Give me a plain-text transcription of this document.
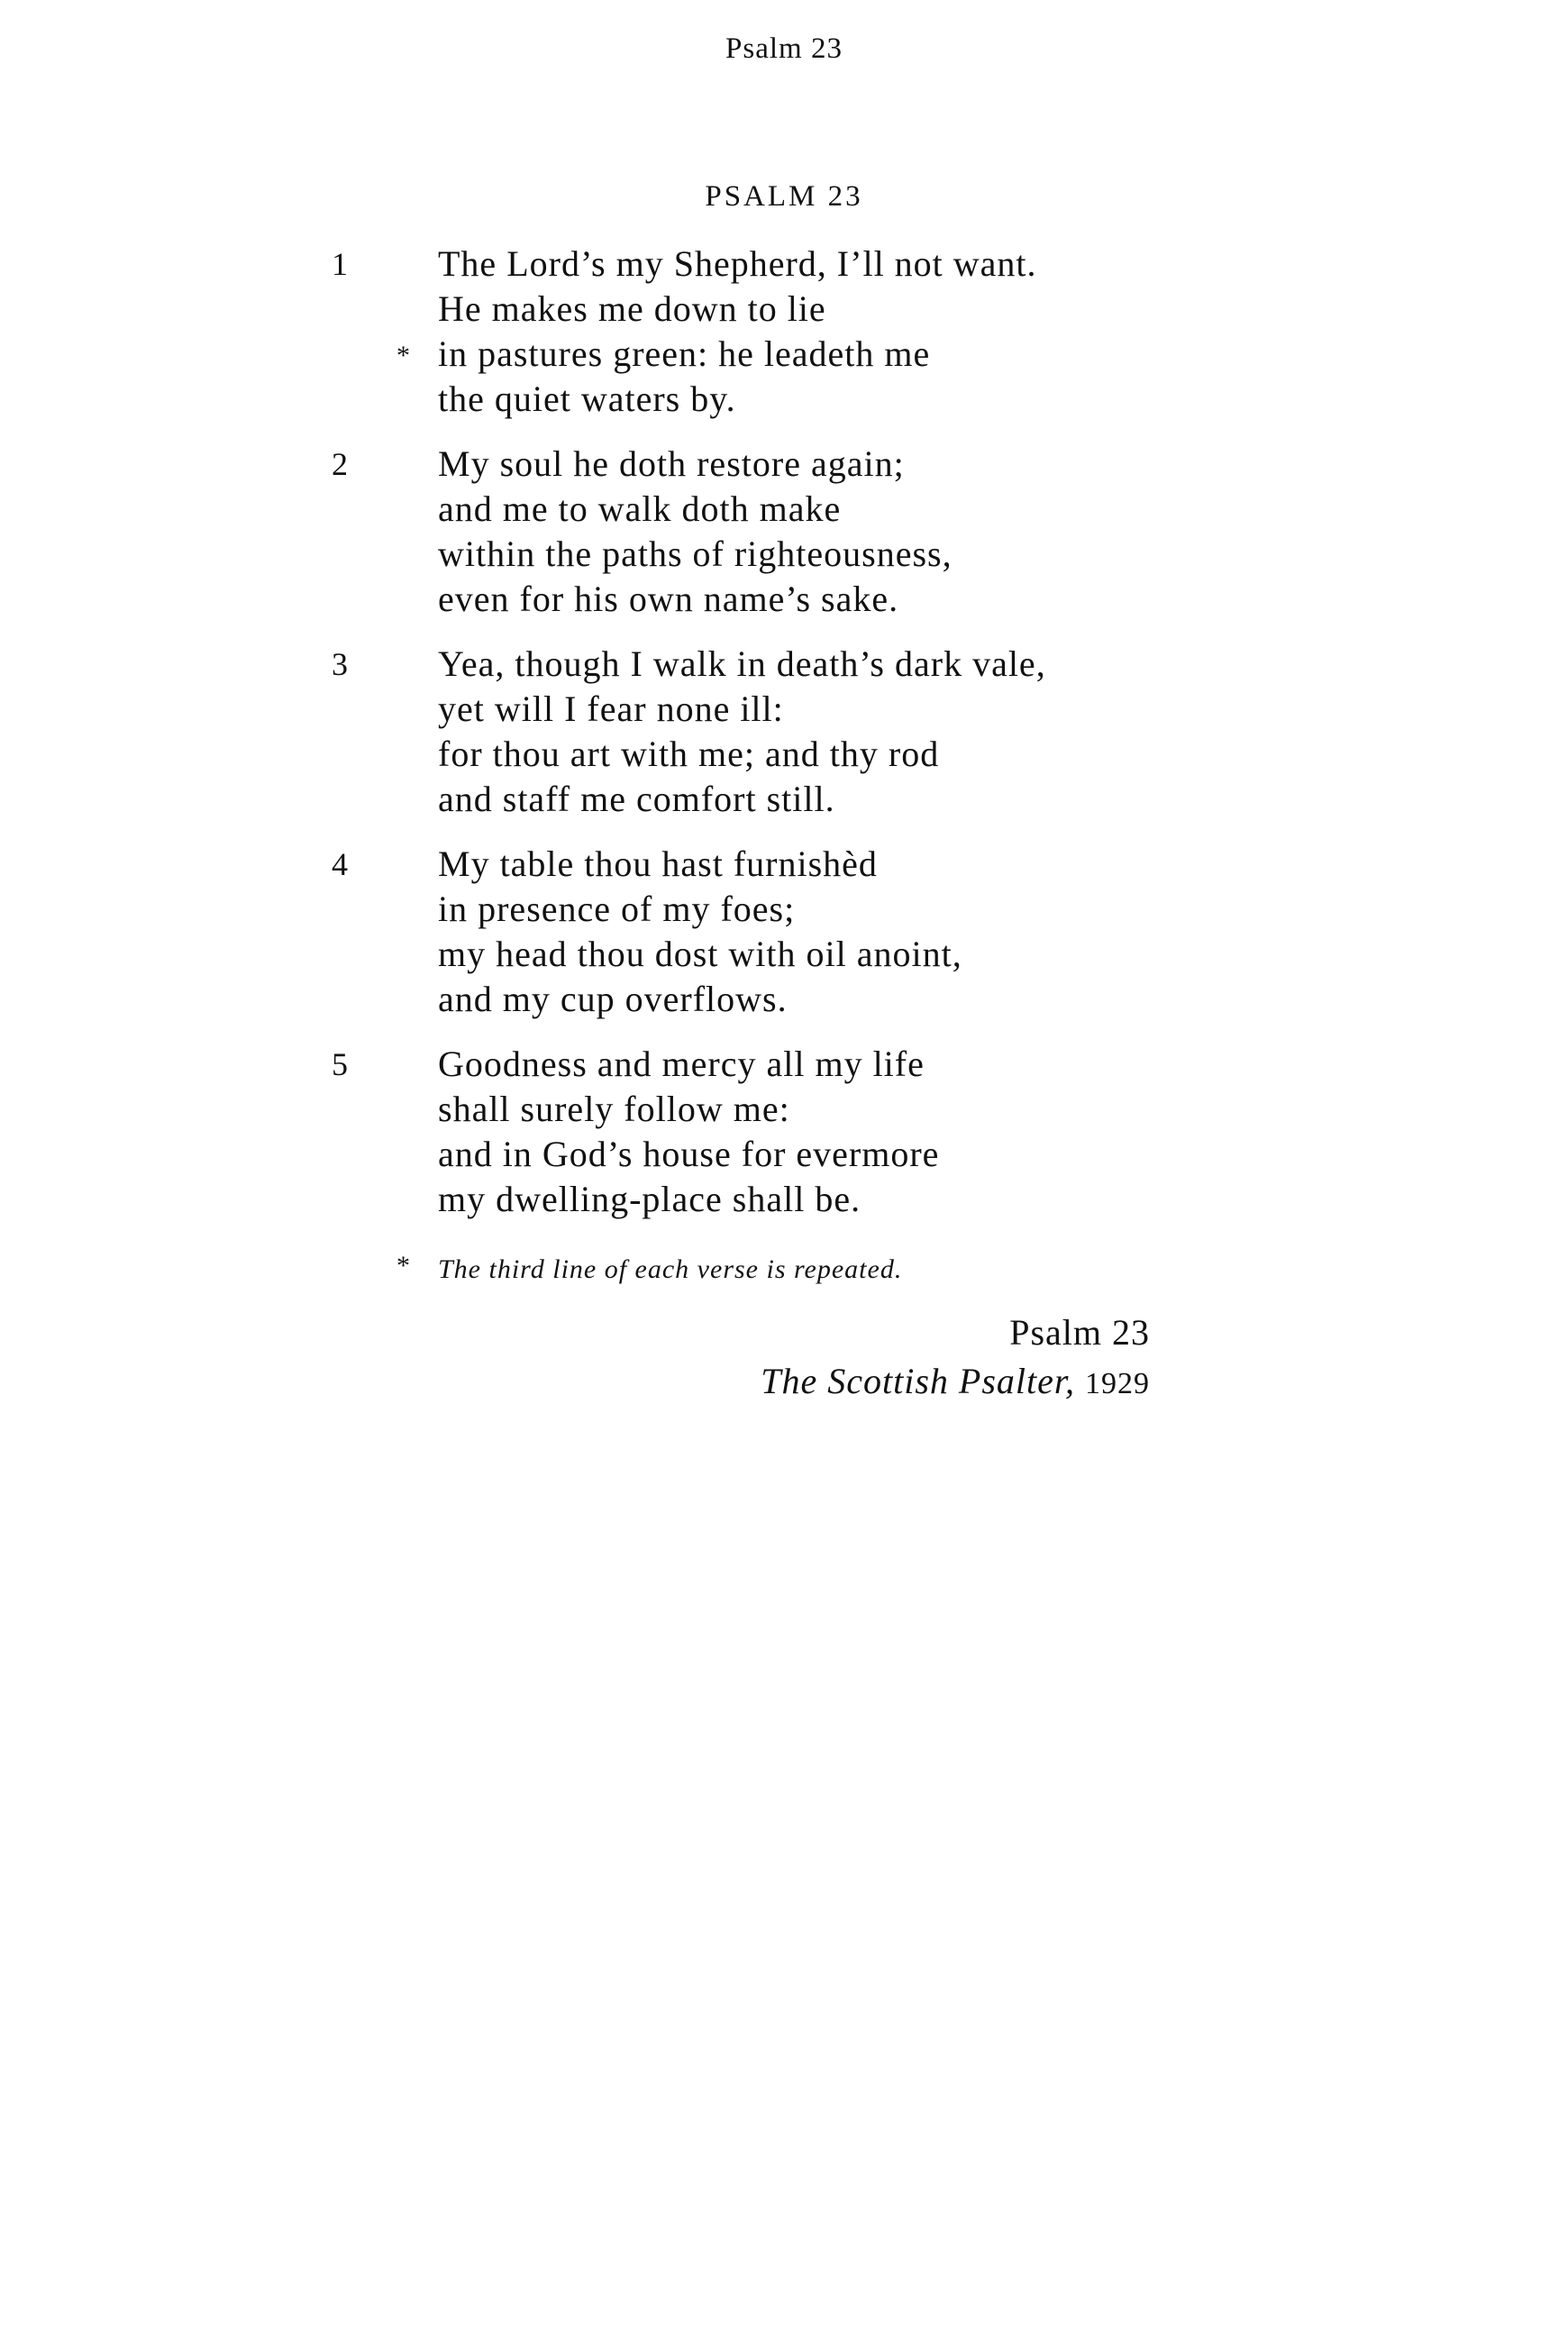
Psalm 23
PSALM 23
1	The Lord’s my Shepherd, I’ll not want.
He makes me down to lie
* in pastures green: he leadeth me
the quiet waters by.
2	My soul he doth restore again;
and me to walk doth make
within the paths of righteousness,
even for his own name’s sake.
3	Yea, though I walk in death’s dark vale,
yet will I fear none ill:
for thou art with me; and thy rod
and staff me comfort still.
4	My table thou hast furnishèd
in presence of my foes;
my head thou dost with oil anoint,
and my cup overflows.
5	Goodness and mercy all my life
shall surely follow me:
and in God’s house for evermore
my dwelling-place shall be.
* The third line of each verse is repeated.
Psalm 23
The Scottish Psalter, 1929
